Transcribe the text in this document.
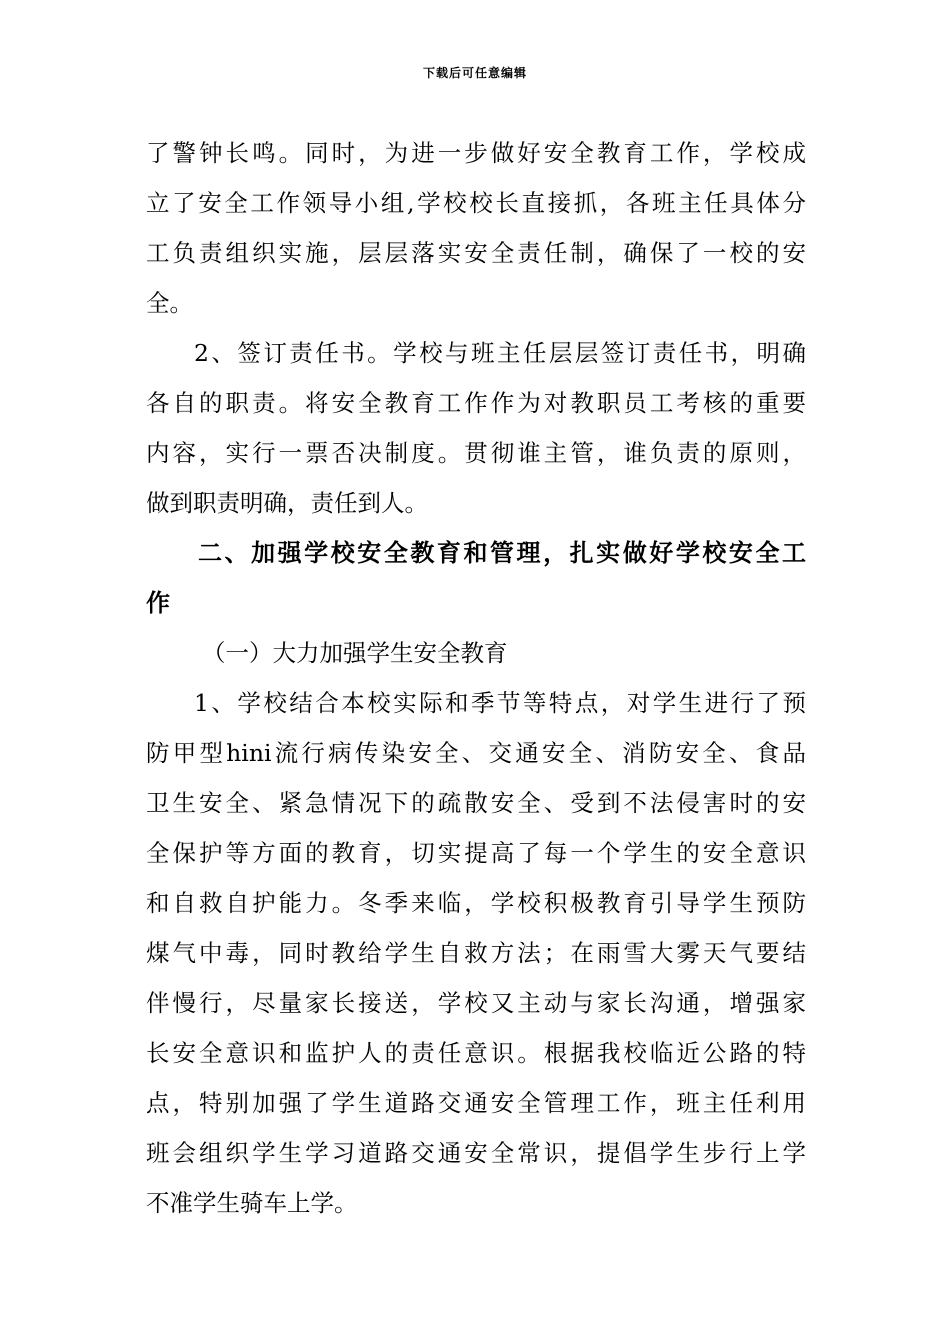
下载后可任意编辑
了警钟长鸣。同时，为进一步做好安全教育工作，学校成
立了安全工作领导小组,学校校长直接抓，各班主任具体分
工负责组织实施，层层落实安全责任制，确保了一校的安
全。
2、签订责任书。学校与班主任层层签订责任书，明确
各自的职责。将安全教育工作作为对教职员工考核的重要
内容，实行一票否决制度。贯彻谁主管，谁负责的原则，
做到职责明确，责任到人。
二、加强学校安全教育和管理，扎实做好学校安全工
作
（一）大力加强学生安全教育
1、学校结合本校实际和季节等特点，对学生进行了预
防甲型hini流行病传染安全、交通安全、消防安全、食品
卫生安全、紧急情况下的疏散安全、受到不法侵害时的安
全保护等方面的教育，切实提高了每一个学生的安全意识
和自救自护能力。冬季来临，学校积极教育引导学生预防
煤气中毒，同时教给学生自救方法；在雨雪大雾天气要结
伴慢行，尽量家长接送，学校又主动与家长沟通，增强家
长安全意识和监护人的责任意识。根据我校临近公路的特
点，特别加强了学生道路交通安全管理工作，班主任利用
班会组织学生学习道路交通安全常识，提倡学生步行上学
不准学生骑车上学。
